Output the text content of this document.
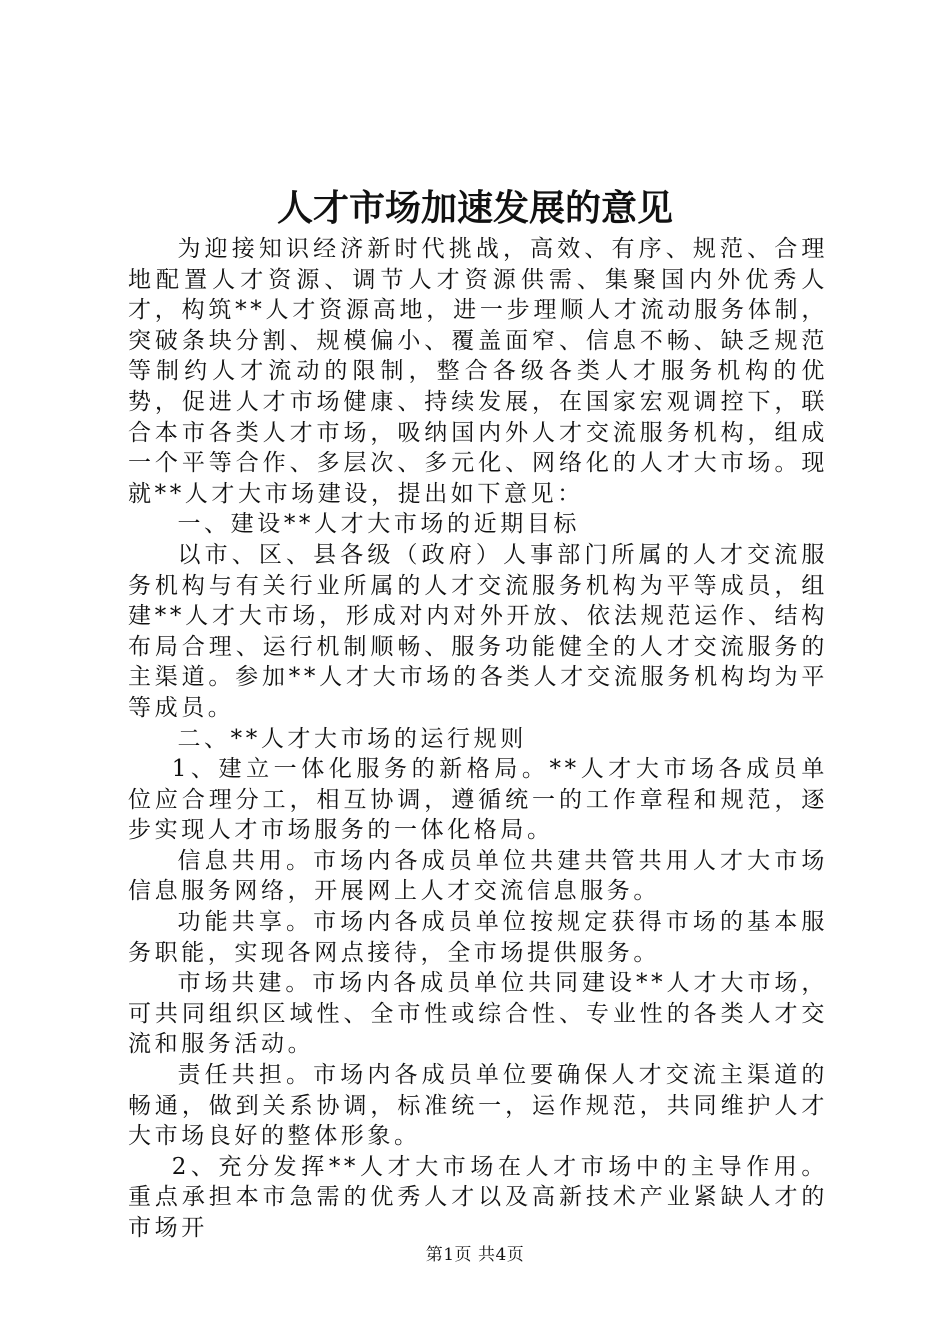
人才市场加速发展的意见

为迎接知识经济新时代挑战，高效、有序、规范、合理地配置人才资源、调节人才资源供需、集聚国内外优秀人才，构筑**人才资源高地，进一步理顺人才流动服务体制，突破条块分割、规模偏小、覆盖面窄、信息不畅、缺乏规范等制约人才流动的限制，整合各级各类人才服务机构的优势，促进人才市场健康、持续发展，在国家宏观调控下，联合本市各类人才市场，吸纳国内外人才交流服务机构，组成一个平等合作、多层次、多元化、网络化的人才大市场。现就**人才大市场建设，提出如下意见：

一、建设**人才大市场的近期目标

以市、区、县各级（政府）人事部门所属的人才交流服务机构与有关行业所属的人才交流服务机构为平等成员，组建**人才大市场，形成对内对外开放、依法规范运作、结构布局合理、运行机制顺畅、服务功能健全的人才交流服务的主渠道。参加**人才大市场的各类人才交流服务机构均为平等成员。

二、**人才大市场的运行规则

1、建立一体化服务的新格局。**人才大市场各成员单位应合理分工，相互协调，遵循统一的工作章程和规范，逐步实现人才市场服务的一体化格局。

信息共用。市场内各成员单位共建共管共用人才大市场信息服务网络，开展网上人才交流信息服务。

功能共享。市场内各成员单位按规定获得市场的基本服务职能，实现各网点接待，全市场提供服务。

市场共建。市场内各成员单位共同建设**人才大市场，可共同组织区域性、全市性或综合性、专业性的各类人才交流和服务活动。

责任共担。市场内各成员单位要确保人才交流主渠道的畅通，做到关系协调，标准统一，运作规范，共同维护人才大市场良好的整体形象。

2、充分发挥**人才大市场在人才市场中的主导作用。重点承担本市急需的优秀人才以及高新技术产业紧缺人才的市场开

第1页 共4页
